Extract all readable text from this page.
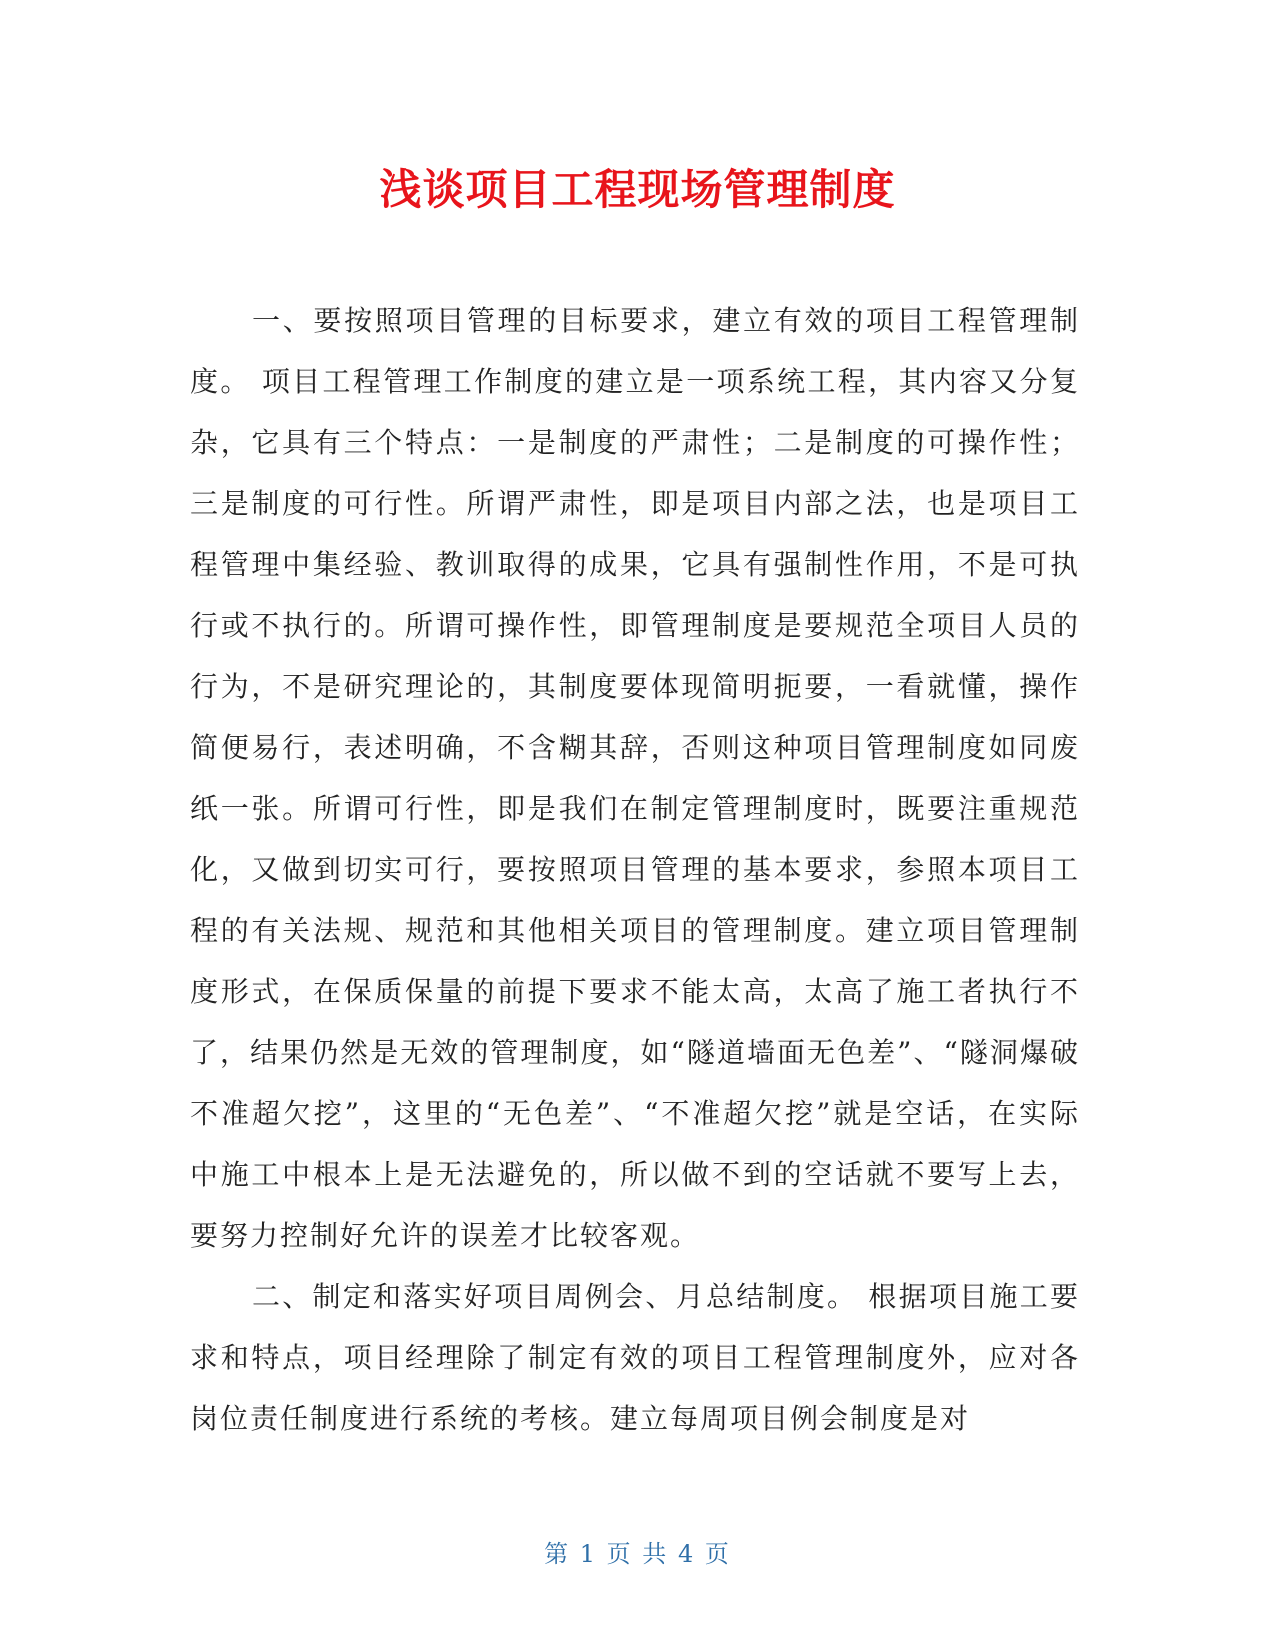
浅谈项目工程现场管理制度

一、要按照项目管理的目标要求，建立有效的项目工程管理制度。 项目工程管理工作制度的建立是一项系统工程，其内容又分复杂，它具有三个特点：一是制度的严肃性；二是制度的可操作性；三是制度的可行性。所谓严肃性，即是项目内部之法，也是项目工程管理中集经验、教训取得的成果，它具有强制性作用，不是可执行或不执行的。所谓可操作性，即管理制度是要规范全项目人员的行为，不是研究理论的，其制度要体现简明扼要，一看就懂，操作简便易行，表述明确，不含糊其辞，否则这种项目管理制度如同废纸一张。所谓可行性，即是我们在制定管理制度时，既要注重规范化，又做到切实可行，要按照项目管理的基本要求，参照本项目工程的有关法规、规范和其他相关项目的管理制度。建立项目管理制度形式，在保质保量的前提下要求不能太高，太高了施工者执行不了，结果仍然是无效的管理制度，如“隧道墙面无色差”、“隧洞爆破不准超欠挖”，这里的“无色差”、“不准超欠挖”就是空话，在实际中施工中根本上是无法避免的，所以做不到的空话就不要写上去，要努力控制好允许的误差才比较客观。

二、制定和落实好项目周例会、月总结制度。 根据项目施工要求和特点，项目经理除了制定有效的项目工程管理制度外，应对各岗位责任制度进行系统的考核。建立每周项目例会制度是对

第 1 页 共 4 页
